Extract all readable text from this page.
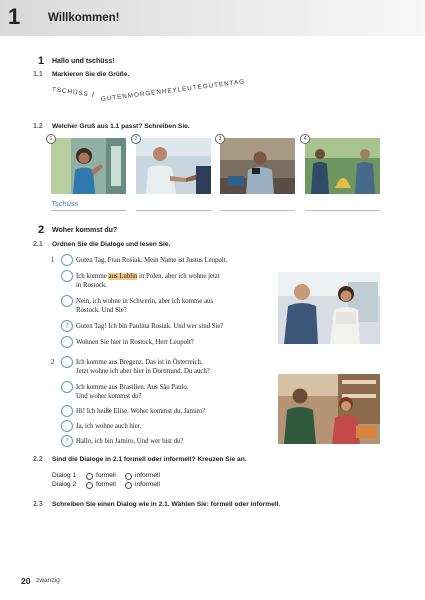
1 Willkommen!
1 Hallo und tschüss!
1.1 Markieren Sie die Grüße.
TSCHÜSS / GUTENMORGENHEYLEUTEGUTENTAG
1.2 Welcher Gruß aus 1.1 passt? Schreiben Sie.
1	2	3	4
Tschüss
2 Woher kommst du?
2.1 Ordnen Sie die Dialoge und lesen Sie.
1	Guten Tag, Frau Rosiak. Mein Name ist Justus Leupolt.
Ich komme aus Lublin in Polen, aber ich wohne jetzt
in Rostock.
Nein, ich wohne in Schwerin, aber ich komme aus
Rostock. Und Sie?
?	Guten Tag! Ich bin Paulina Rosiak. Und wer sind Sie?
Wohnen Sie hier in Rostock, Herr Leupolt?
2	Ich komme aus Bregenz. Das ist in Österreich.
Jetzt wohne ich aber hier in Dortmund. Du auch?
Ich komme aus Brasilien. Aus São Paulo.
Und woher kommst du?
Hi! Ich heiße Elise. Woher kommst du, Jamiro?
Ja, ich wohne auch hier.
?	Hallo, ich bin Jamiro. Und wer bist du?
2.2 Sind die Dialoge in 2.1 formell oder informell? Kreuzen Sie an.
Dialog 1	formell	informell
Dialog 2	formell	informell
2.3 Schreiben Sie einen Dialog wie in 2.1. Wählen Sie: formell oder informell.
20 zwanzig
